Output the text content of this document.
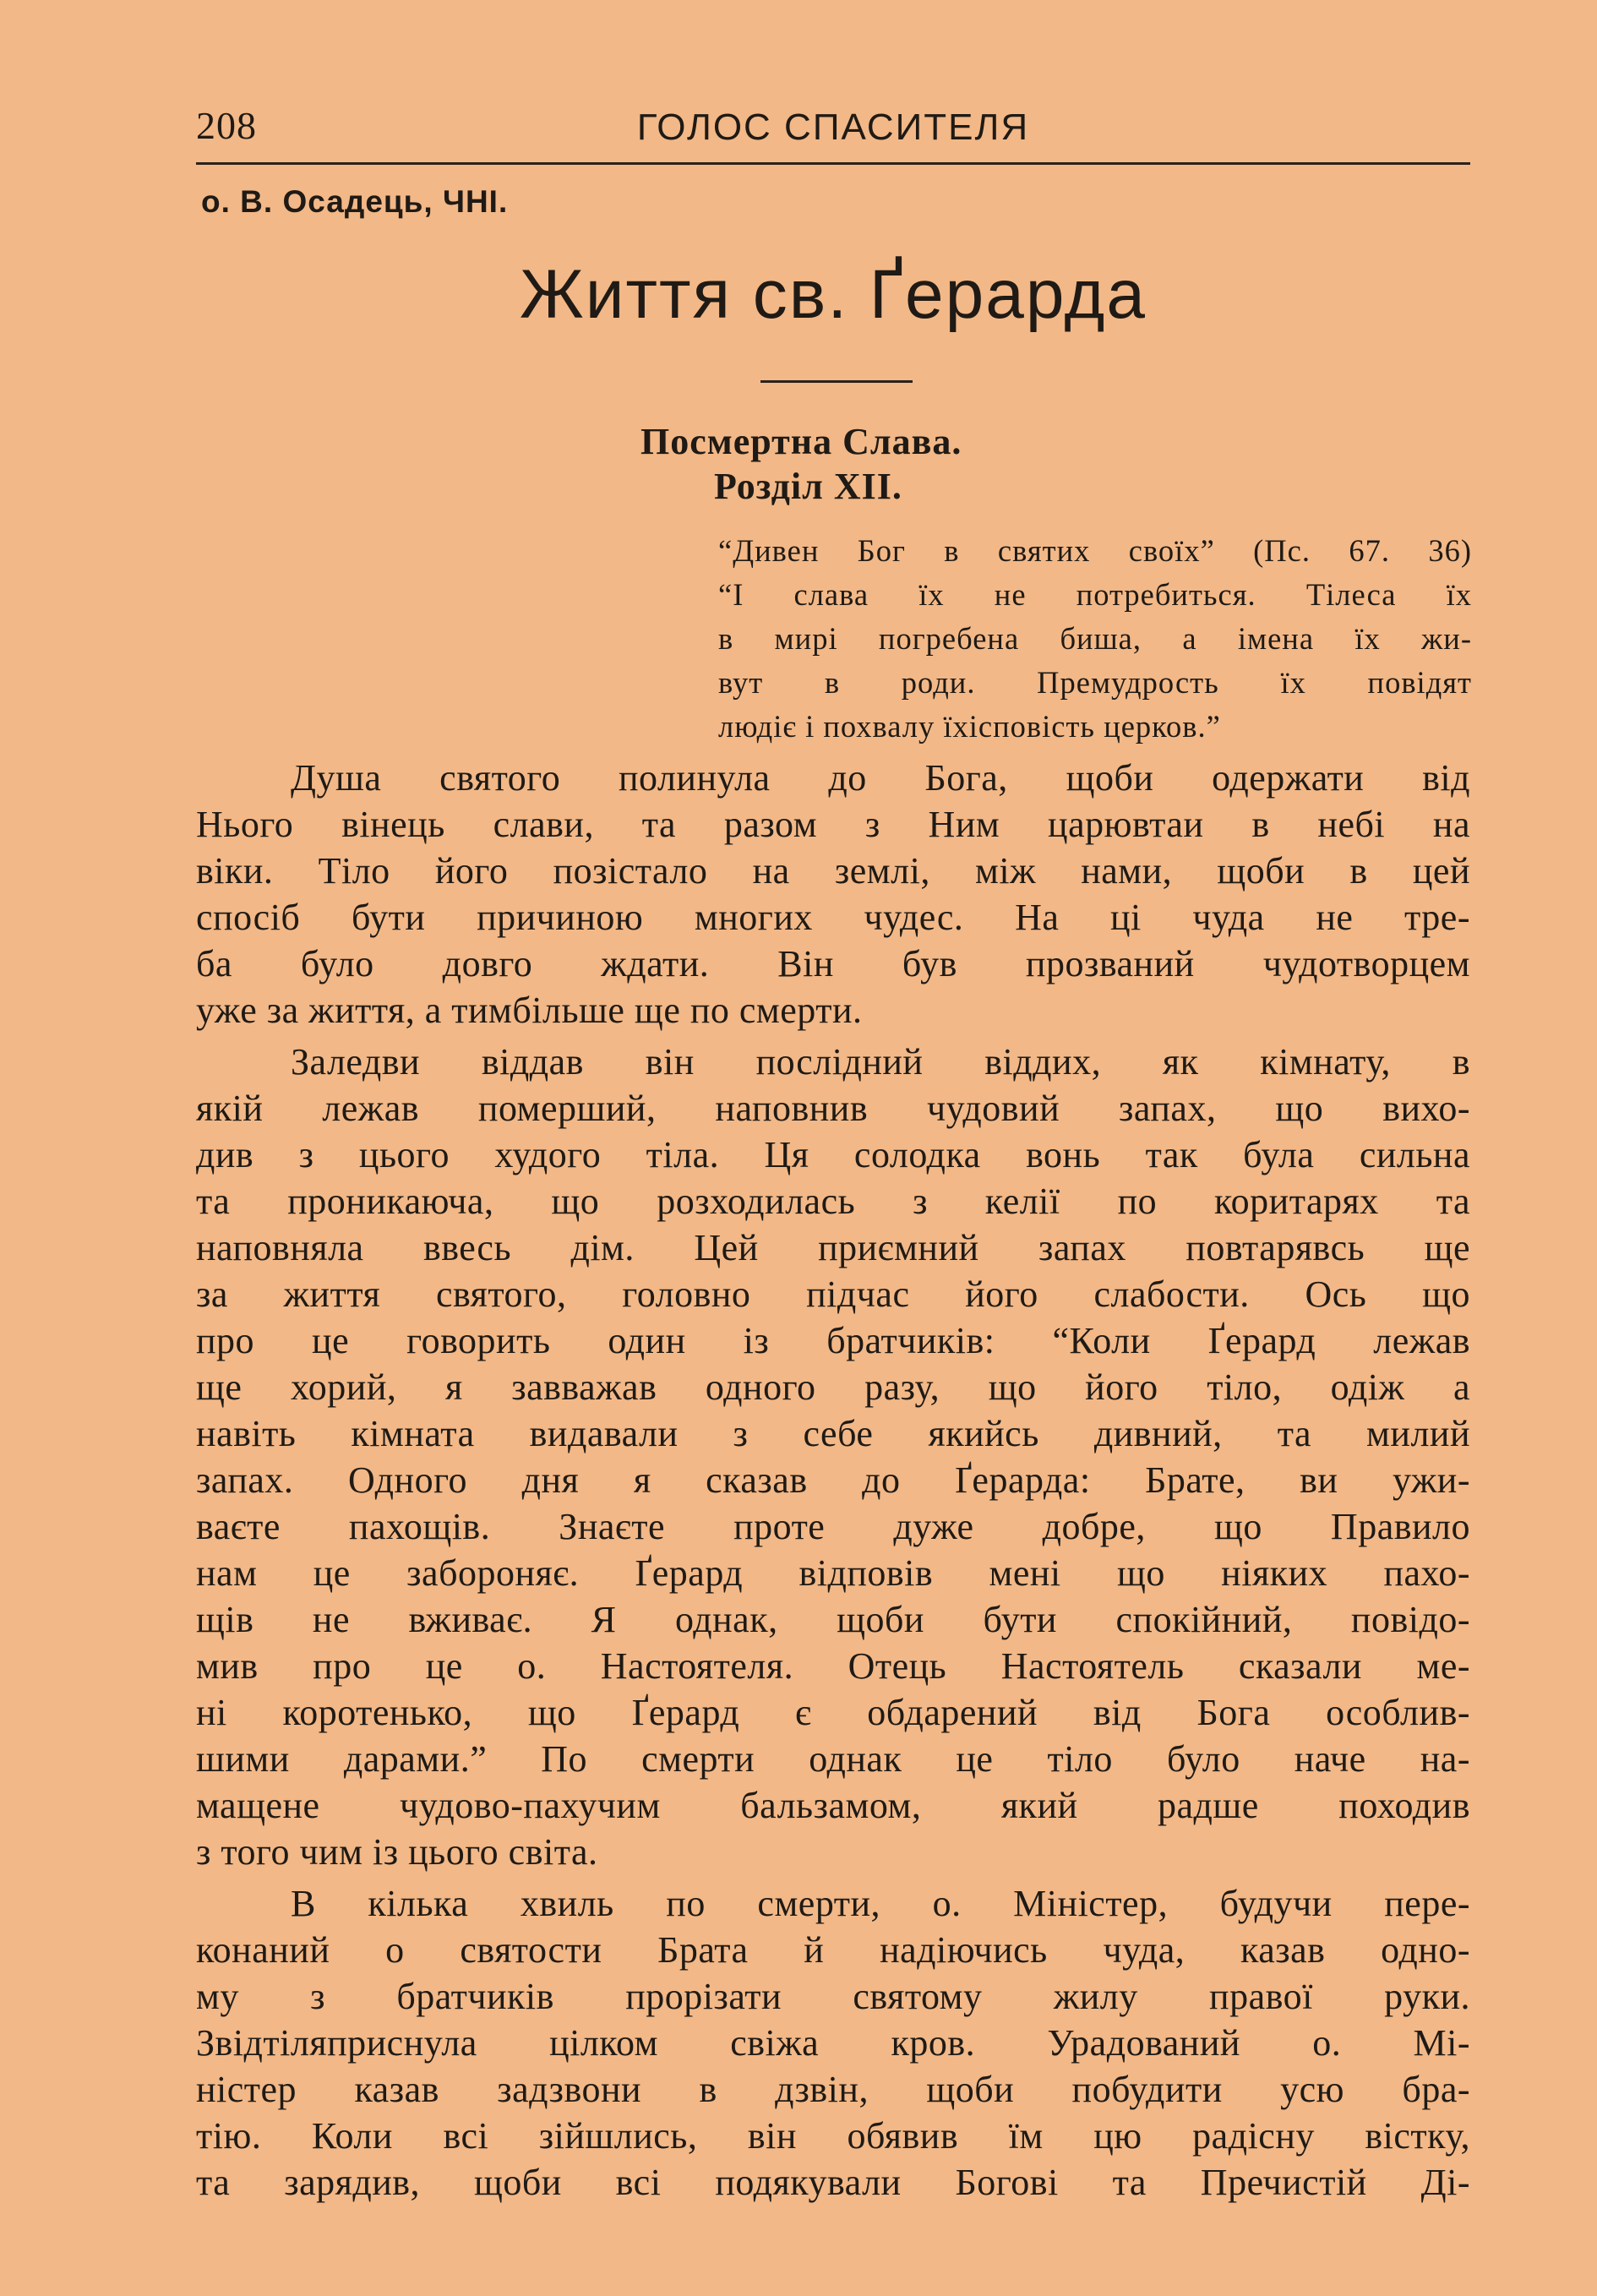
208	ГОЛОС СПАСИТЕЛЯ
о. В. Осадець, ЧНІ.
Життя св. Ґерарда
Посмертна Слава.
Розділ XII.
“Дивен Бог в святих своїх” (Пс. 67. 36)
“І слава їх не потребиться. Тілеса їх
в мирі погребена биша, а імена їх жи-
вут в роди. Премудрость їх повідят
людіє і похвалу їхісповість церков.”
Душа святого полинула до Бога, щоби одержати від
Нього вінець слави, та разом з Ним царювтаи в небі на
віки. Тіло його позістало на землі, між нами, щоби в цей
спосіб бути причиною многих чудес. На ці чуда не тре-
ба було довго ждати. Він був прозваний чудотворцем
уже за життя, а тимбільше ще по смерти.
Заледви віддав він послідний віддих, як кімнату, в
якій лежав померший, наповнив чудовий запах, що вихо-
див з цього худого тіла. Ця солодка вонь так була сильна
та проникаюча, що розходилась з келії по коритарях та
наповняла ввесь дім. Цей приємний запах повтарявсь ще
за життя святого, головно підчас його слабости. Ось що
про це говорить один із братчиків: “Коли Ґерард лежав
ще хорий, я завважав одного разу, що його тіло, одіж а
навіть кімната видавали з себе якийсь дивний, та милий
запах. Одного дня я сказав до Ґерарда: Брате, ви ужи-
ваєте пахощів. Знаєте проте дуже добре, що Правило
нам це забороняє. Ґерард відповів мені що ніяких пахо-
щів не вживає. Я однак, щоби бути спокійний, повідо-
мив про це о. Настоятеля. Отець Настоятель сказали ме-
ні коротенько, що Ґерард є обдарений від Бога особлив-
шими дарами.” По смерти однак це тіло було наче на-
мащене чудово-пахучим бальзамом, який радше походив
з того чим із цього світа.
В кілька хвиль по смерти, о. Міністер, будучи пере-
конаний о святости Брата й надіючись чуда, казав одно-
му з братчиків прорізати святому жилу правої руки.
Звідтіляприснула цілком свіжа кров. Урадований о. Мі-
ністер казав задзвони в дзвін, щоби побудити усю бра-
тію. Коли всі зійшлись, він обявив їм цю радісну вістку,
та зарядив, щоби всі подякували Богові та Пречистій Ді-
